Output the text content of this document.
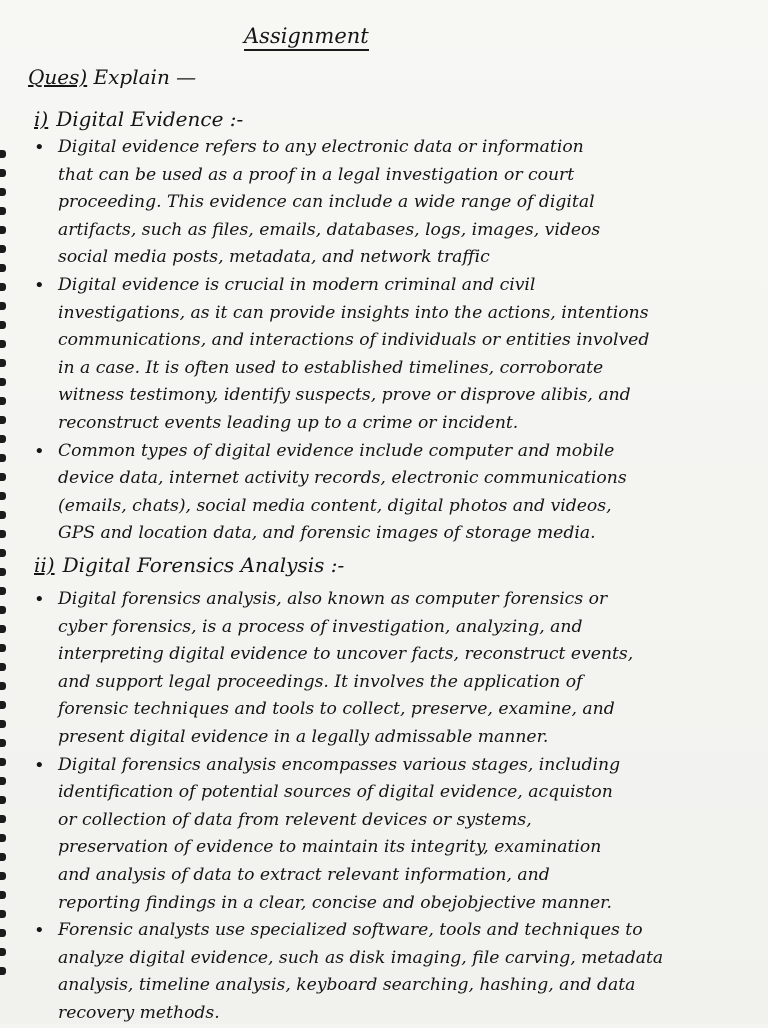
Assignment
Ques) Explain —
i) Digital Evidence :-
• Digital evidence refers to any electronic data or information
that can be used as a proof in a legal investigation or court
proceeding. This evidence can include a wide range of digital
artifacts, such as files, emails, databases, logs, images, videos
social media posts, metadata, and network traffic
• Digital evidence is crucial in modern criminal and civil
investigations, as it can provide insights into the actions, intentions
communications, and interactions of individuals or entities involved
in a case. It is often used to established timelines, corroborate
witness testimony, identify suspects, prove or disprove alibis, and
reconstruct events leading up to a crime or incident.
• Common types of digital evidence include computer and mobile
device data, internet activity records, electronic communications
(emails, chats), social media content, digital photos and videos,
GPS and location data, and forensic images of storage media.
ii) Digital Forensics Analysis :-
• Digital forensics analysis, also known as computer forensics or
cyber forensics, is a process of investigation, analyzing, and
interpreting digital evidence to uncover facts, reconstruct events,
and support legal proceedings. It involves the application of
forensic techniques and tools to collect, preserve, examine, and
present digital evidence in a legally admissable manner.
• Digital forensics analysis encompasses various stages, including
identification of potential sources of digital evidence, acquiston
or collection of data from relevent devices or systems,
preservation of evidence to maintain its integrity, examination
and analysis of data to extract relevant information, and
reporting findings in a clear, concise and obejobjective manner.
• Forensic analysts use specialized software, tools and techniques to
analyze digital evidence, such as disk imaging, file carving, metadata
analysis, timeline analysis, keyboard searching, hashing, and data
recovery methods.
